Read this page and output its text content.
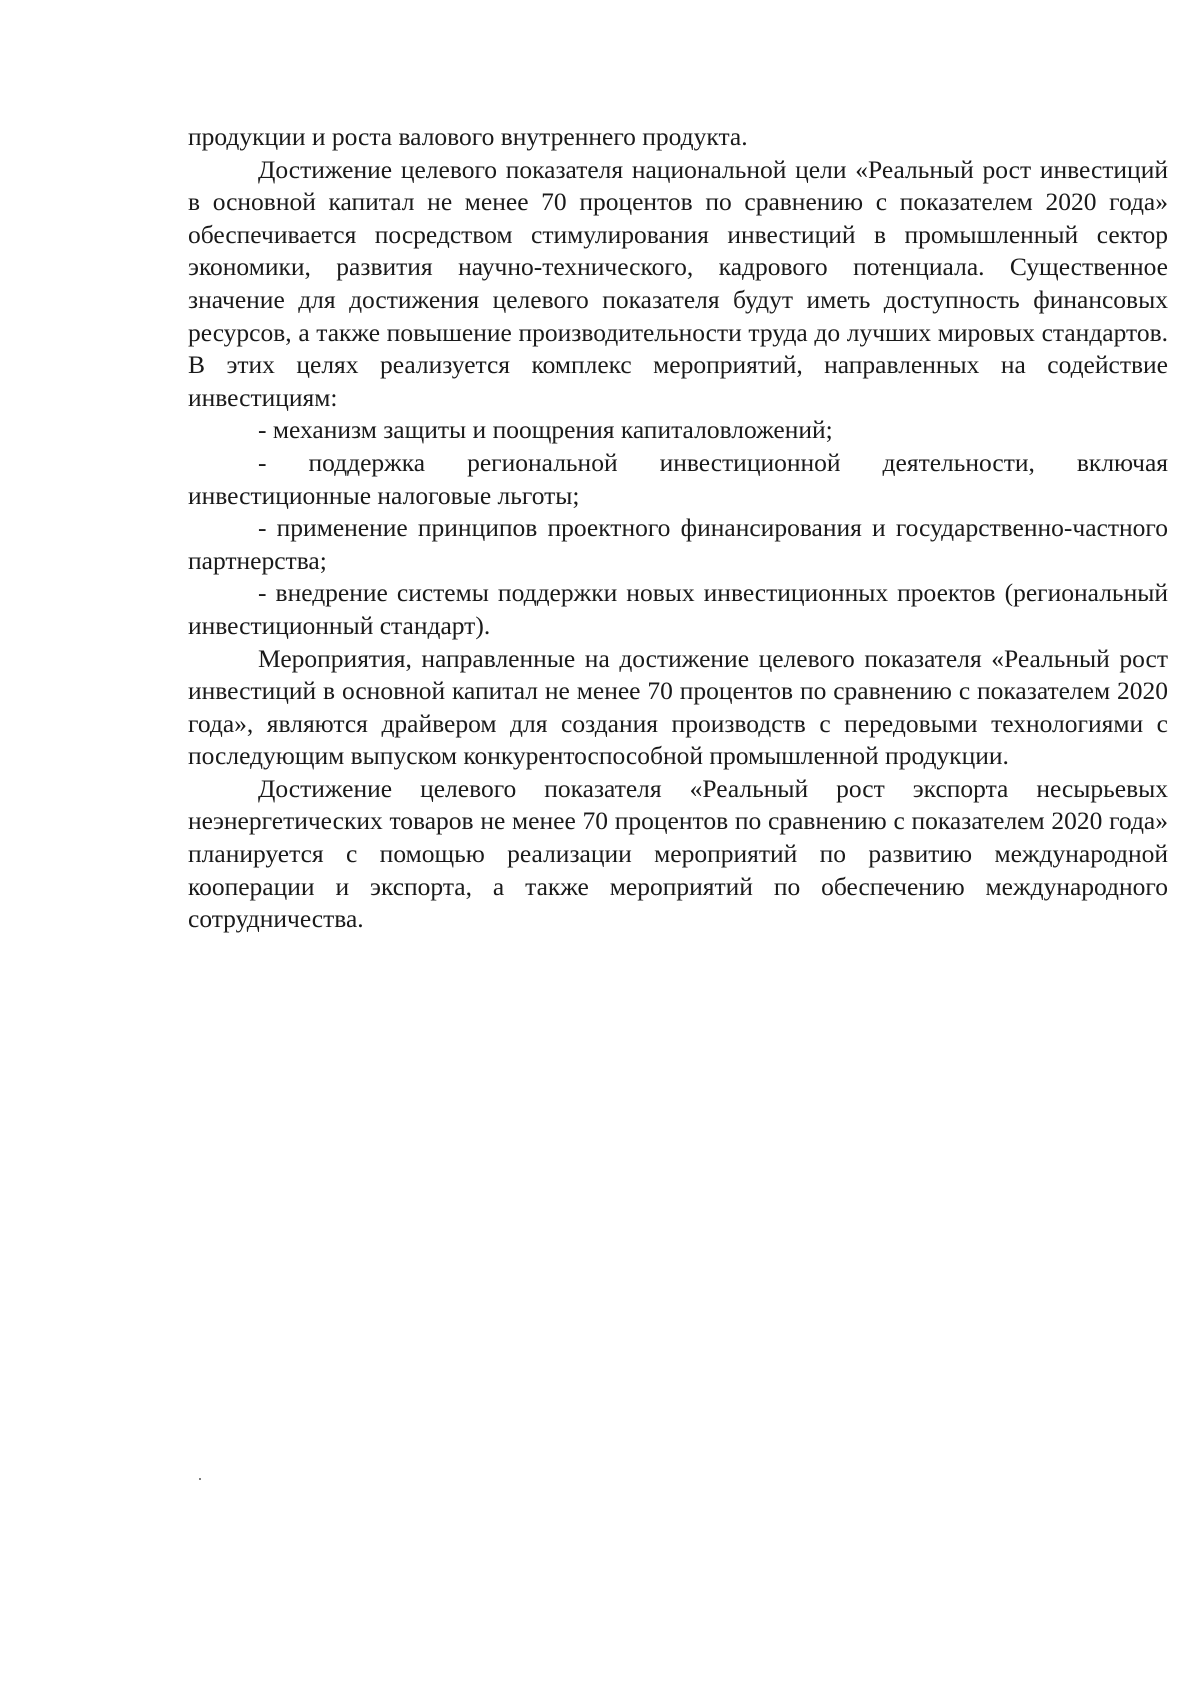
продукции и роста валового внутреннего продукта.

Достижение целевого показателя национальной цели «Реальный рост инвестиций в основной капитал не менее 70 процентов по сравнению с показателем 2020 года» обеспечивается посредством стимулирования инвестиций в промышленный сектор экономики, развития научно-технического, кадрового потенциала. Существенное значение для достижения целевого показателя будут иметь доступность финансовых ресурсов, а также повышение производительности труда до лучших мировых стандартов. В этих целях реализуется комплекс мероприятий, направленных на содействие инвестициям:

- механизм защиты и поощрения капиталовложений;

- поддержка региональной инвестиционной деятельности, включая инвестиционные налоговые льготы;

- применение принципов проектного финансирования и государственно-частного партнерства;

- внедрение системы поддержки новых инвестиционных проектов (региональный инвестиционный стандарт).

Мероприятия, направленные на достижение целевого показателя «Реальный рост инвестиций в основной капитал не менее 70 процентов по сравнению с показателем 2020 года», являются драйвером для создания производств с передовыми технологиями с последующим выпуском конкурентоспособной промышленной продукции.

Достижение целевого показателя «Реальный рост экспорта несырьевых неэнергетических товаров не менее 70 процентов по сравнению с показателем 2020 года» планируется с помощью реализации мероприятий по развитию международной кооперации и экспорта, а также мероприятий по обеспечению международного сотрудничества.
